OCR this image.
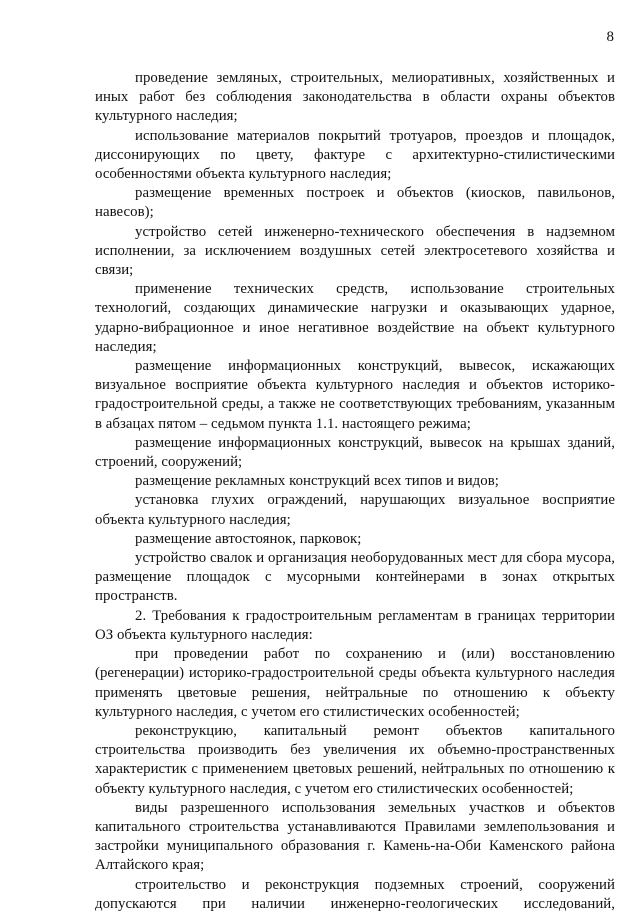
8

проведение земляных, строительных, мелиоративных, хозяйственных и иных работ без соблюдения законодательства в области охраны объектов культурного наследия;

использование материалов покрытий тротуаров, проездов и площадок, диссонирующих по цвету, фактуре с архитектурно-стилистическими особенностями объекта культурного наследия;

размещение временных построек и объектов (киосков, павильонов, навесов);

устройство сетей инженерно-технического обеспечения в надземном исполнении, за исключением воздушных сетей электросетевого хозяйства и связи;

применение технических средств, использование строительных технологий, создающих динамические нагрузки и оказывающих ударное, ударно-вибрационное и иное негативное воздействие на объект культурного наследия;

размещение информационных конструкций, вывесок, искажающих визуальное восприятие объекта культурного наследия и объектов историко-градостроительной среды, а также не соответствующих требованиям, указанным в абзацах пятом – седьмом пункта 1.1. настоящего режима;

размещение информационных конструкций, вывесок на крышах зданий, строений, сооружений;

размещение рекламных конструкций всех типов и видов;

установка глухих ограждений, нарушающих визуальное восприятие объекта культурного наследия;

размещение автостоянок, парковок;

устройство свалок и организация необорудованных мест для сбора мусора, размещение площадок с мусорными контейнерами в зонах открытых пространств.

2. Требования к градостроительным регламентам в границах территории ОЗ объекта культурного наследия:

при проведении работ по сохранению и (или) восстановлению (регенерации) историко-градостроительной среды объекта культурного наследия применять цветовые решения, нейтральные по отношению к объекту культурного наследия, с учетом его стилистических особенностей;

реконструкцию, капитальный ремонт объектов капитального строительства производить без увеличения их объемно-пространственных характеристик с применением цветовых решений, нейтральных по отношению к объекту культурного наследия, с учетом его стилистических особенностей;

виды разрешенного использования земельных участков и объектов капитального строительства устанавливаются Правилами землепользования и застройки муниципального образования г. Камень-на-Оби Каменского района Алтайского края;

строительство и реконструкция подземных строений, сооружений допускаются при наличии инженерно-геологических исследований,
